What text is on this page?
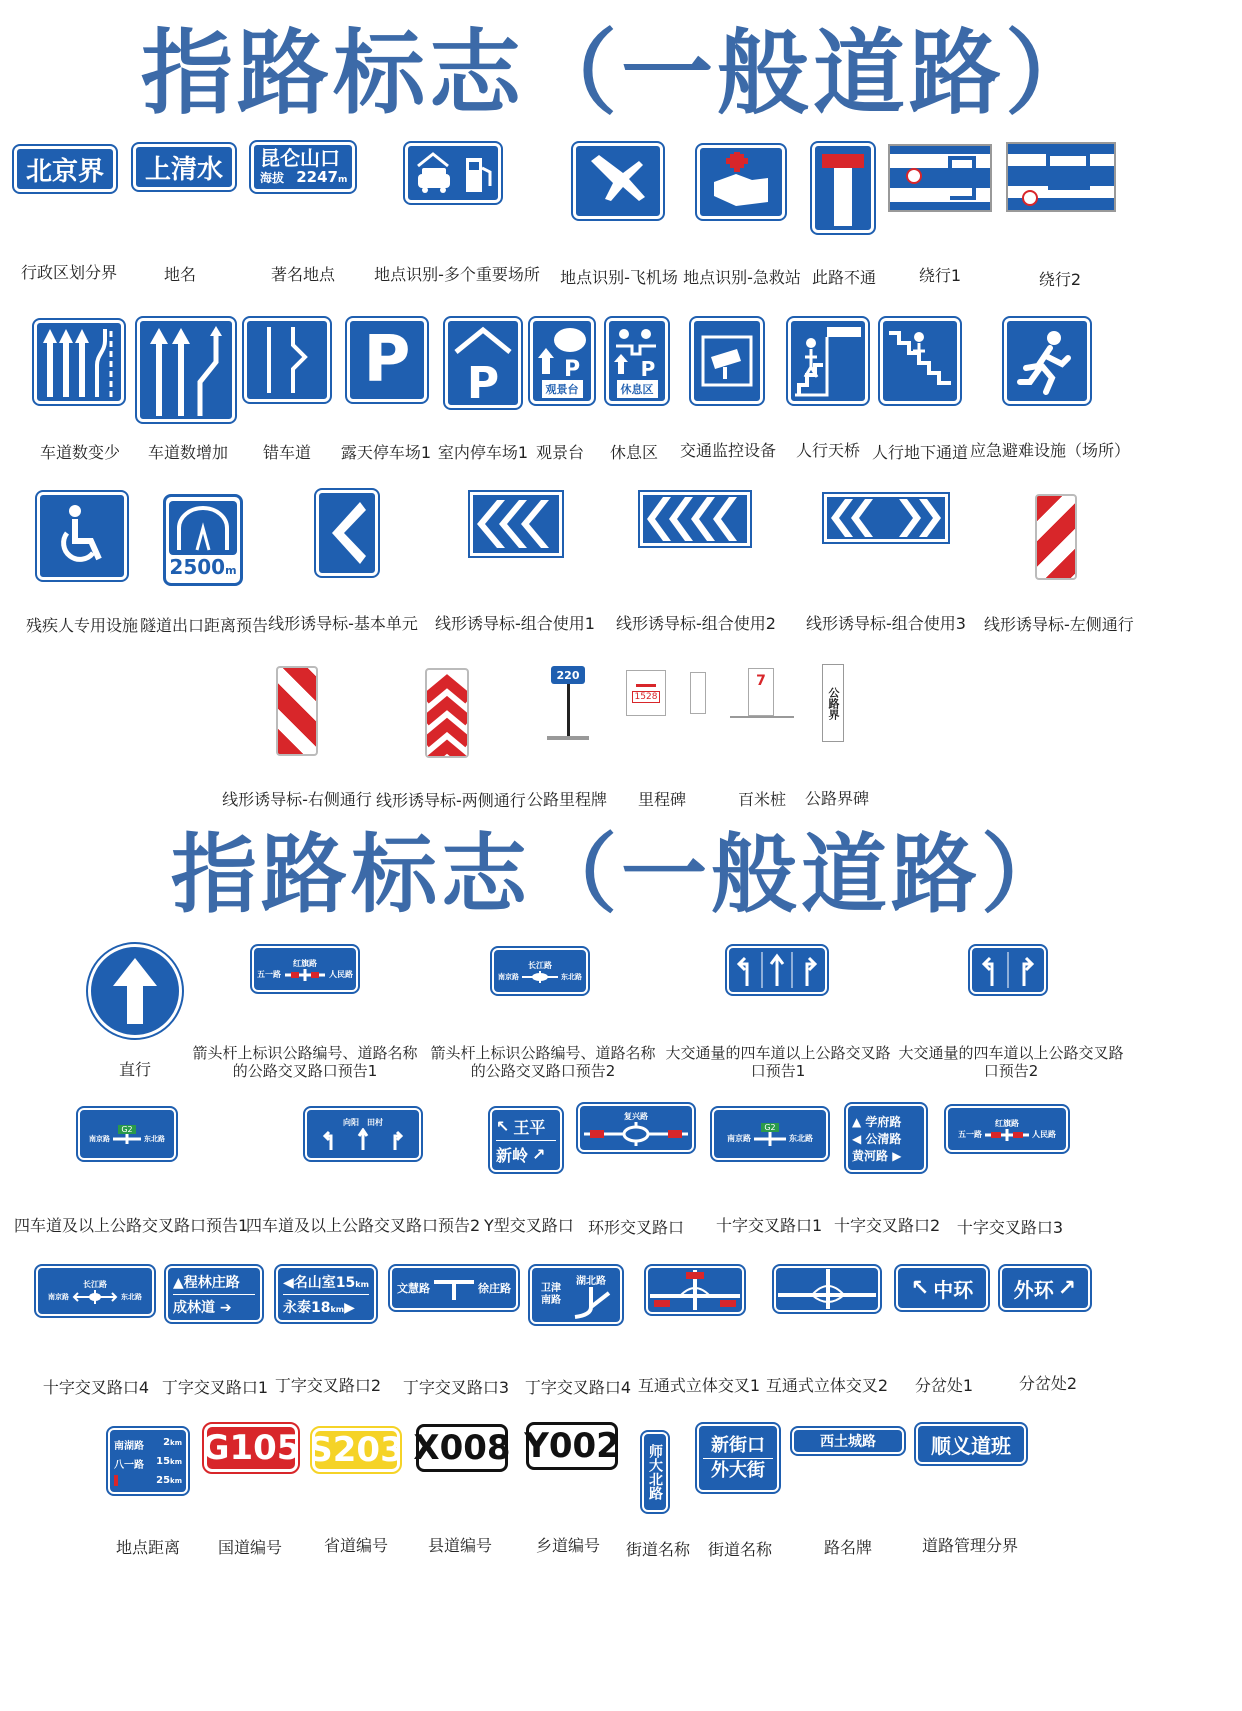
指路标志（一般道路）
北京界 上清水 昆仑山口
海拔 2247m
行政区划分界	地名	著名地点	地点识别-多个重要场所	地点识别-飞机场 地点识别-急救站 此路不通	绕行1	绕行2
P P	P
观景台
P
休息区
车道数变少	车道数增加	错车道	露天停车场1 室内停车场1 观景台 休息区 交通监控设备 人行天桥 人行地下通道 应急避难设施（场所）
2500m
残疾人专用设施 隧道出口距离预告 线形诱导标-基本单元 线形诱导标-组合使用1	线形诱导标-组合使用2	线形诱导标-组合使用3	线形诱导标-左侧通行
220
1528
7
公路界
线形诱导标-右侧通行 线形诱导标-两侧通行 公路里程牌	里程碑	百米桩 公路界碑
指路标志（一般道路）
红旗路
五一路	人民路
长江路
南京路	东北路
直行
箭头杆上标识公路编号、道路名称的公路交叉路口预告1
箭头杆上标识公路编号、道路名称的公路交叉路口预告2
大交通量的四车道以上公路交叉路口预告1
大交通量的四车道以上公路交叉路口预告2
G2
南京路	东北路
向阳 田村	↖ 王平
新岭 ↗
复兴路
G2
南京路	东北路
▲ 学府路
◀ 公清路
黄河路 ▶
红旗路
五一路	人民路
四车道及以上公路交叉路口预告1
四车道及以上公路交叉路口预告2 Y型交叉路口 环形交叉路口 十字交叉路口1 十字交叉路口2	十字交叉路口3
长江路
南京路	东北路
▲程林庄路
成林道 ➔
◀名山室15km
永泰18km▶
文慧路	徐庄路	卫津南路
湖北路	↖ 中环 外环 ↗
十字交叉路口4 丁字交叉路口1 丁字交叉路口2	丁字交叉路口3 丁字交叉路口4 互通式立体交叉1 互通式立体交叉2	分岔处1	分岔处2
南湖路 2km
八一路 15km
25km
G105 S203 X008 Y002 师大北路	新街口
外大街
西土城路	顺义道班
地点距离	国道编号	省道编号	县道编号	乡道编号	街道名称	街道名称	路名牌	道路管理分界
